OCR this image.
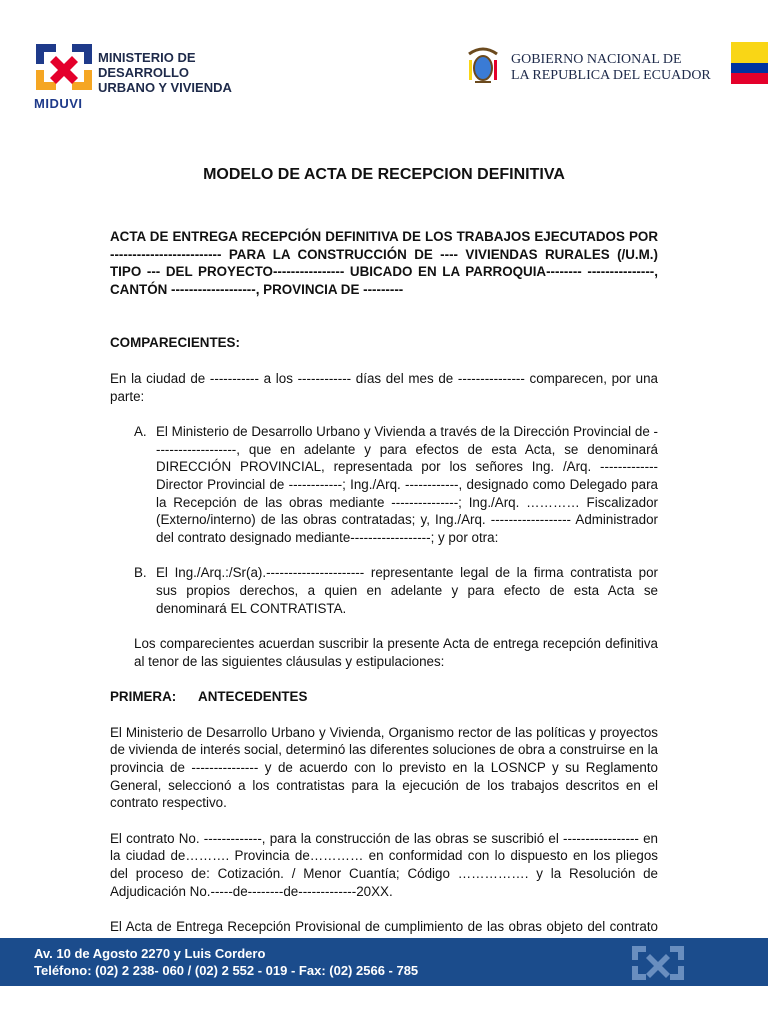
MINISTERIO DE
DESARROLLO
URBANO Y VIVIENDA
MIDUVI
GOBIERNO NACIONAL DE
LA REPUBLICA DEL ECUADOR
MODELO DE ACTA DE RECEPCION DEFINITIVA

ACTA DE ENTREGA RECEPCIÓN DEFINITIVA DE LOS TRABAJOS EJECUTADOS POR ------------------------- PARA LA CONSTRUCCIÓN DE ---- VIVIENDAS RURALES (/U.M.) TIPO --- DEL PROYECTO---------------- UBICADO EN LA PARROQUIA-------- ---------------, CANTÓN -------------------, PROVINCIA DE ---------

COMPARECIENTES:

En la ciudad de ----------- a los ------------ días del mes de --------------- comparecen, por una parte:

A. El Ministerio de Desarrollo Urbano y Vivienda a través de la Dirección Provincial de -------------------, que en adelante y para efectos de esta Acta, se denominará DIRECCIÓN PROVINCIAL, representada por los señores Ing. /Arq. ------------- Director Provincial de ------------; Ing./Arq. ------------, designado como Delegado para la Recepción de las obras mediante ---------------; Ing./Arq. ………… Fiscalizador (Externo/interno) de las obras contratadas; y, Ing./Arq. ------------------ Administrador del contrato designado mediante------------------; y por otra:
B. El Ing./Arq.:/Sr(a).---------------------- representante legal de la firma contratista por sus propios derechos, a quien en adelante y para efecto de esta Acta se denominará EL CONTRATISTA.

Los comparecientes acuerdan suscribir la presente Acta de entrega recepción definitiva al tenor de las siguientes cláusulas y estipulaciones:

PRIMERA:      ANTECEDENTES

El Ministerio de Desarrollo Urbano y Vivienda, Organismo rector de las políticas y proyectos de vivienda de interés social, determinó las diferentes soluciones de obra a construirse en la provincia de --------------- y de acuerdo con lo previsto en la LOSNCP y su Reglamento General, seleccionó a los contratistas para la ejecución de los trabajos descritos en el contrato respectivo.

El contrato No. -------------, para la construcción de las obras se suscribió el ----------------- en la ciudad de………. Provincia de………… en conformidad con lo dispuesto en los pliegos del proceso de: Cotización. / Menor Cuantía; Código ……………. y la Resolución de Adjudicación No.-----de--------de-------------20XX.

El Acta de Entrega Recepción Provisional de cumplimiento de las obras objeto del contrato

Av. 10 de Agosto 2270 y Luis Cordero
Teléfono: (02) 2 238- 060 / (02) 2 552 - 019 - Fax: (02) 2566 - 785
